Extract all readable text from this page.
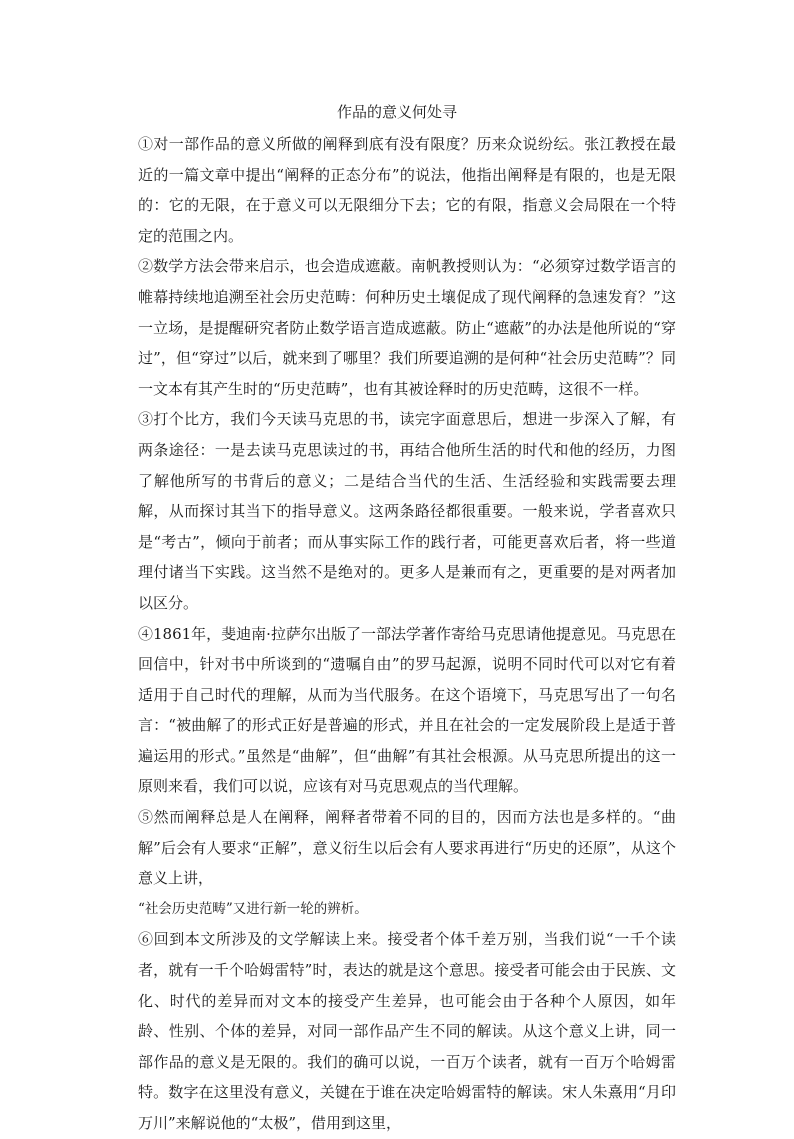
作品的意义何处寻

①对一部作品的意义所做的阐释到底有没有限度？历来众说纷纭。张江教授在最近的一篇文章中提出“阐释的正态分布”的说法，他指出阐释是有限的，也是无限的：它的无限，在于意义可以无限细分下去；它的有限，指意义会局限在一个特定的范围之内。

②数学方法会带来启示，也会造成遮蔽。南帆教授则认为：“必须穿过数学语言的帷幕持续地追溯至社会历史范畴：何种历史土壤促成了现代阐释的急速发育？”这一立场，是提醒研究者防止数学语言造成遮蔽。防止“遮蔽”的办法是他所说的“穿过”，但“穿过”以后，就来到了哪里？我们所要追溯的是何种“社会历史范畴”？同一文本有其产生时的“历史范畴”，也有其被诠释时的历史范畴，这很不一样。

③打个比方，我们今天读马克思的书，读完字面意思后，想进一步深入了解，有两条途径：一是去读马克思读过的书，再结合他所生活的时代和他的经历，力图了解他所写的书背后的意义；二是结合当代的生活、生活经验和实践需要去理解，从而探讨其当下的指导意义。这两条路径都很重要。一般来说，学者喜欢只是“考古”，倾向于前者；而从事实际工作的践行者，可能更喜欢后者，将一些道理付诸当下实践。这当然不是绝对的。更多人是兼而有之，更重要的是对两者加以区分。

④1861年，斐迪南·拉萨尔出版了一部法学著作寄给马克思请他提意见。马克思在回信中，针对书中所谈到的“遗嘱自由”的罗马起源，说明不同时代可以对它有着适用于自己时代的理解，从而为当代服务。在这个语境下，马克思写出了一句名言：“被曲解了的形式正好是普遍的形式，并且在社会的一定发展阶段上是适于普遍运用的形式。”虽然是“曲解”，但“曲解”有其社会根源。从马克思所提出的这一原则来看，我们可以说，应该有对马克思观点的当代理解。

⑤然而阐释总是人在阐释，阐释者带着不同的目的，因而方法也是多样的。“曲解”后会有人要求“正解”，意义衍生以后会有人要求再进行“历史的还原”，从这个意义上讲，

“社会历史范畴”又进行新一轮的辨析。

⑥回到本文所涉及的文学解读上来。接受者个体千差万别，当我们说“一千个读者，就有一千个哈姆雷特”时，表达的就是这个意思。接受者可能会由于民族、文化、时代的差异而对文本的接受产生差异，也可能会由于各种个人原因，如年龄、性别、个体的差异，对同一部作品产生不同的解读。从这个意义上讲，同一部作品的意义是无限的。我们的确可以说，一百万个读者，就有一百万个哈姆雷特。数字在这里没有意义，关键在于谁在决定哈姆雷特的解读。宋人朱熹用“月印万川”来解说他的“太极”，借用到这里，
